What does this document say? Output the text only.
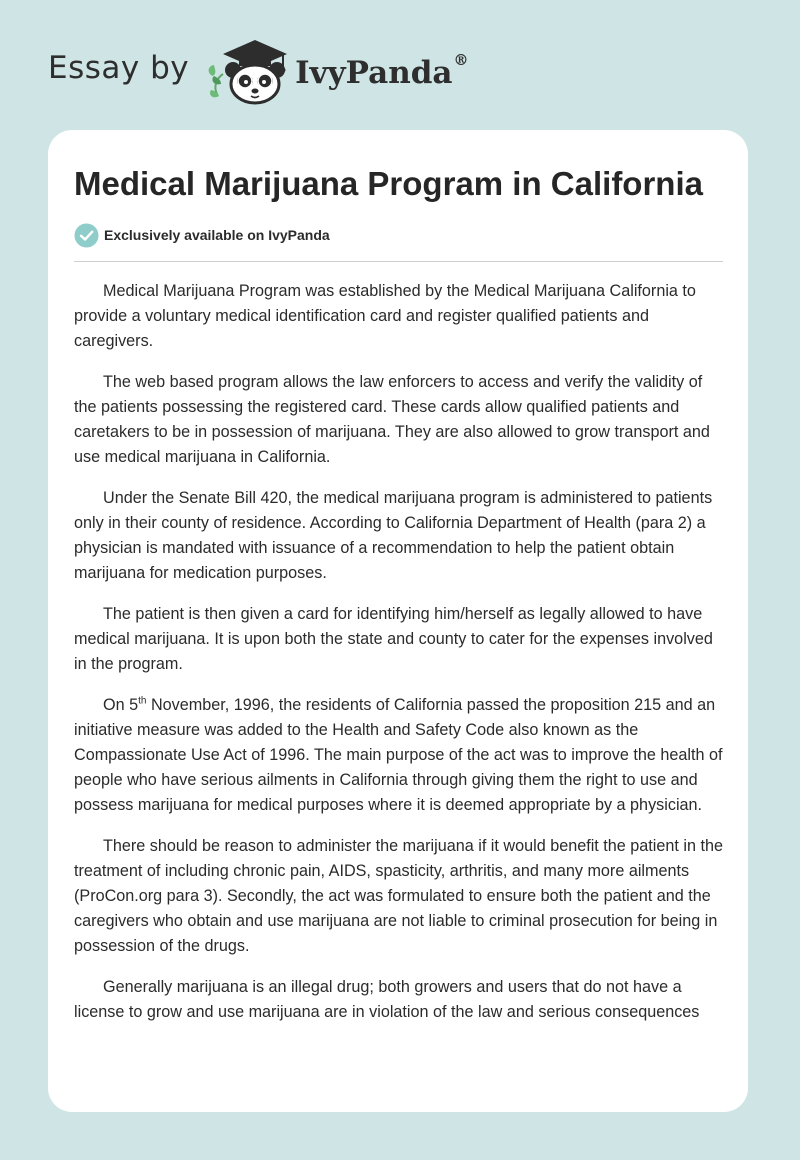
Essay by	IvyPanda®
Medical Marijuana Program in California
Exclusively available on IvyPanda

Medical Marijuana Program was established by the Medical Marijuana California to provide a voluntary medical identification card and register qualified patients and caregivers.

The web based program allows the law enforcers to access and verify the validity of the patients possessing the registered card. These cards allow qualified patients and caretakers to be in possession of marijuana. They are also allowed to grow transport and use medical marijuana in California.

Under the Senate Bill 420, the medical marijuana program is administered to patients only in their county of residence. According to California Department of Health (para 2) a physician is mandated with issuance of a recommendation to help the patient obtain marijuana for medication purposes.

The patient is then given a card for identifying him/herself as legally allowed to have medical marijuana. It is upon both the state and county to cater for the expenses involved in the program.

On 5th November, 1996, the residents of California passed the proposition 215 and an initiative measure was added to the Health and Safety Code also known as the Compassionate Use Act of 1996. The main purpose of the act was to improve the health of people who have serious ailments in California through giving them the right to use and possess marijuana for medical purposes where it is deemed appropriate by a physician.

There should be reason to administer the marijuana if it would benefit the patient in the treatment of including chronic pain, AIDS, spasticity, arthritis, and many more ailments (ProCon.org para 3). Secondly, the act was formulated to ensure both the patient and the caregivers who obtain and use marijuana are not liable to criminal prosecution for being in possession of the drugs.

Generally marijuana is an illegal drug; both growers and users that do not have a license to grow and use marijuana are in violation of the law and serious consequences
